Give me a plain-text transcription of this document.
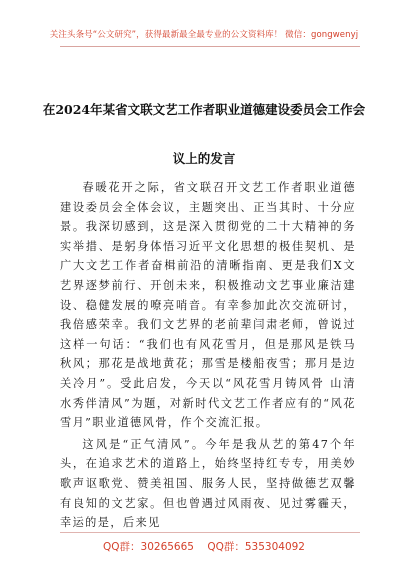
关注头条号“公文研究”，获得最新最全最专业的公文资料库！ 微信：gongwenyj
在2024年某省文联文艺工作者职业道德建设委员会工作会
议上的发言

春暖花开之际，省文联召开文艺工作者职业道德建设委员会全体会议，主题突出、正当其时、十分应景。我深切感到，这是深入贯彻党的二十大精神的务实举措、是躬身体悟习近平文化思想的极佳契机、是广大文艺工作者奋楫前沿的清晰指南、更是我们X文艺界逐梦前行、开创未来，积极推动文艺事业廉洁建设、稳健发展的嘹亮哨音。有幸参加此次交流研讨，我倍感荣幸。我们文艺界的老前辈闫肃老师，曾说过这样一句话：“我们也有风花雪月，但是那风是铁马秋风；那花是战地黄花；那雪是楼船夜雪；那月是边关冷月”。受此启发，今天以“风花雪月铸风骨 山清水秀伴清风”为题，对新时代文艺工作者应有的“风花雪月”职业道德风骨，作个交流汇报。

这风是“正气清风”。今年是我从艺的第47个年头，在追求艺术的道路上，始终坚持红专专，用美妙歌声讴歌党、赞美祖国、服务人民，坚持做德艺双馨有良知的文艺家。但也曾遇过风雨夜、见过雾霾天，幸运的是，后来见

QQ群：30265665 QQ群：535304092
